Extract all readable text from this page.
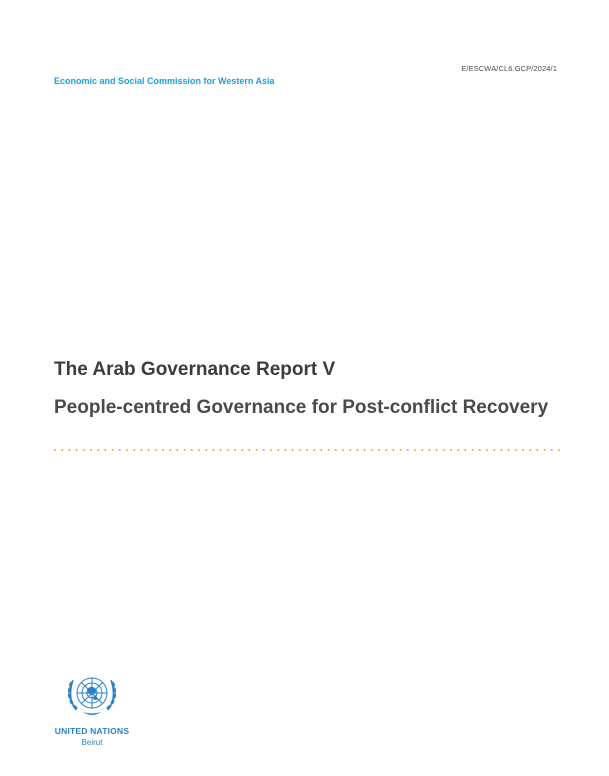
E/ESCWA/CL6.GCP/2024/1
Economic and Social Commission for Western Asia
The Arab Governance Report V
People-centred Governance for Post-conflict Recovery
UNITED NATIONS
Beirut
